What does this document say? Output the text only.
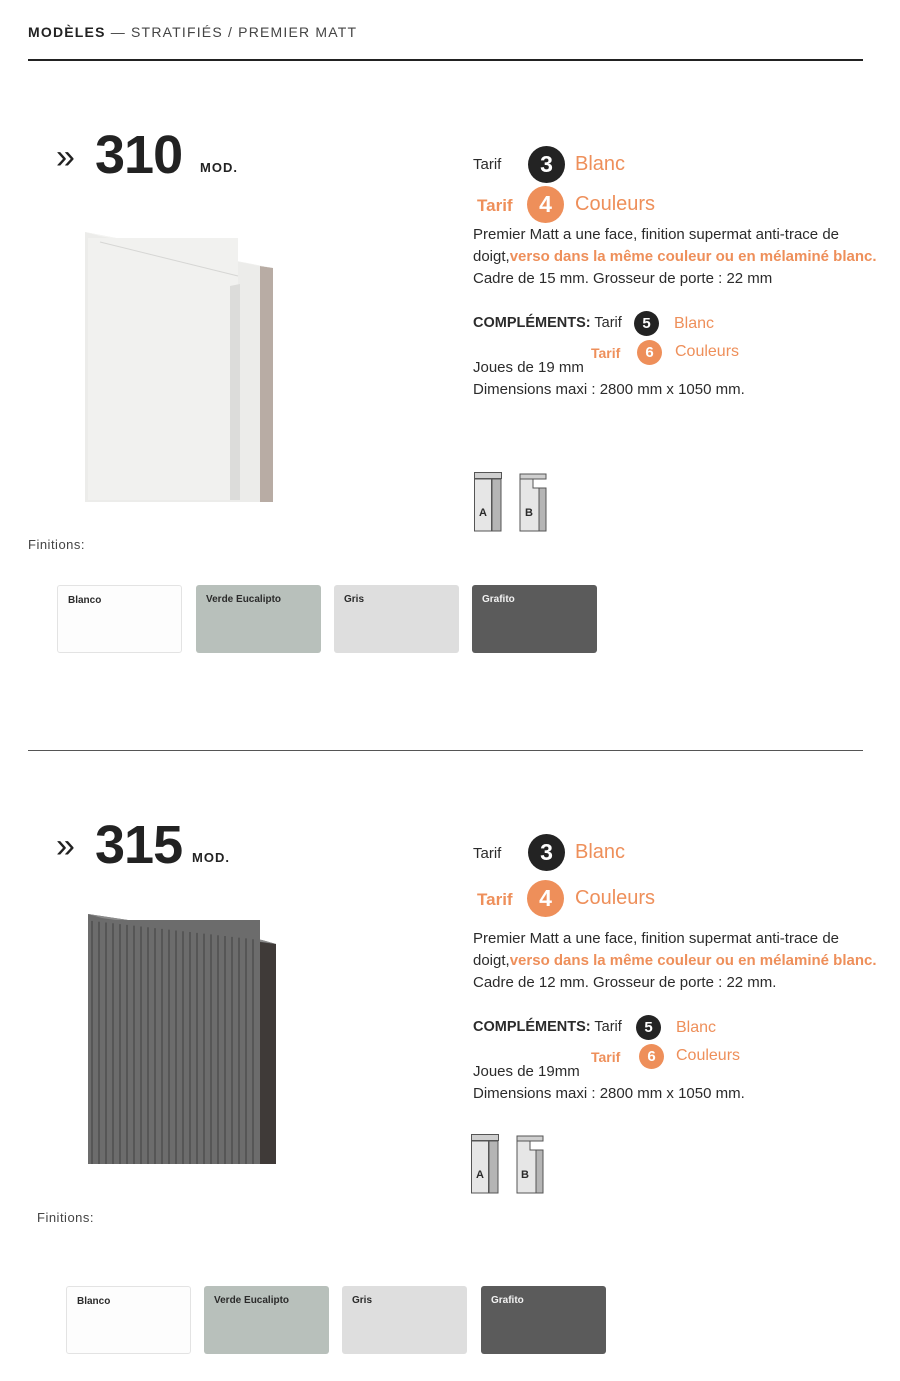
MODÈLES — STRATIFIÉS / PREMIER MATT
» 310 MOD.	Tarif	3	Blanc
Tarif	4	Couleurs
Premier Matt a une face, finition supermat anti-trace de
doigt,verso dans la même couleur ou en mélaminé blanc.
Cadre de 15 mm. Grosseur de porte : 22 mm
COMPLÉMENTS: Tarif	5	Blanc
Tarif	6	Couleurs
Joues de 19 mm
Dimensions maxi : 2800 mm x 1050 mm.
A	B
Finitions:
Blanco	Verde Eucalipto	Gris	Grafito
» 315 MOD.	Tarif	3	Blanc
Tarif	4	Couleurs
Premier Matt a une face, finition supermat anti-trace de
doigt,verso dans la même couleur ou en mélaminé blanc.
Cadre de 12 mm. Grosseur de porte : 22 mm.
COMPLÉMENTS: Tarif	5	Blanc
Tarif	6	Couleurs
Joues de 19mm
Dimensions maxi : 2800 mm x 1050 mm.
A	B
Finitions:
Blanco	Verde Eucalipto	Gris	Grafito
